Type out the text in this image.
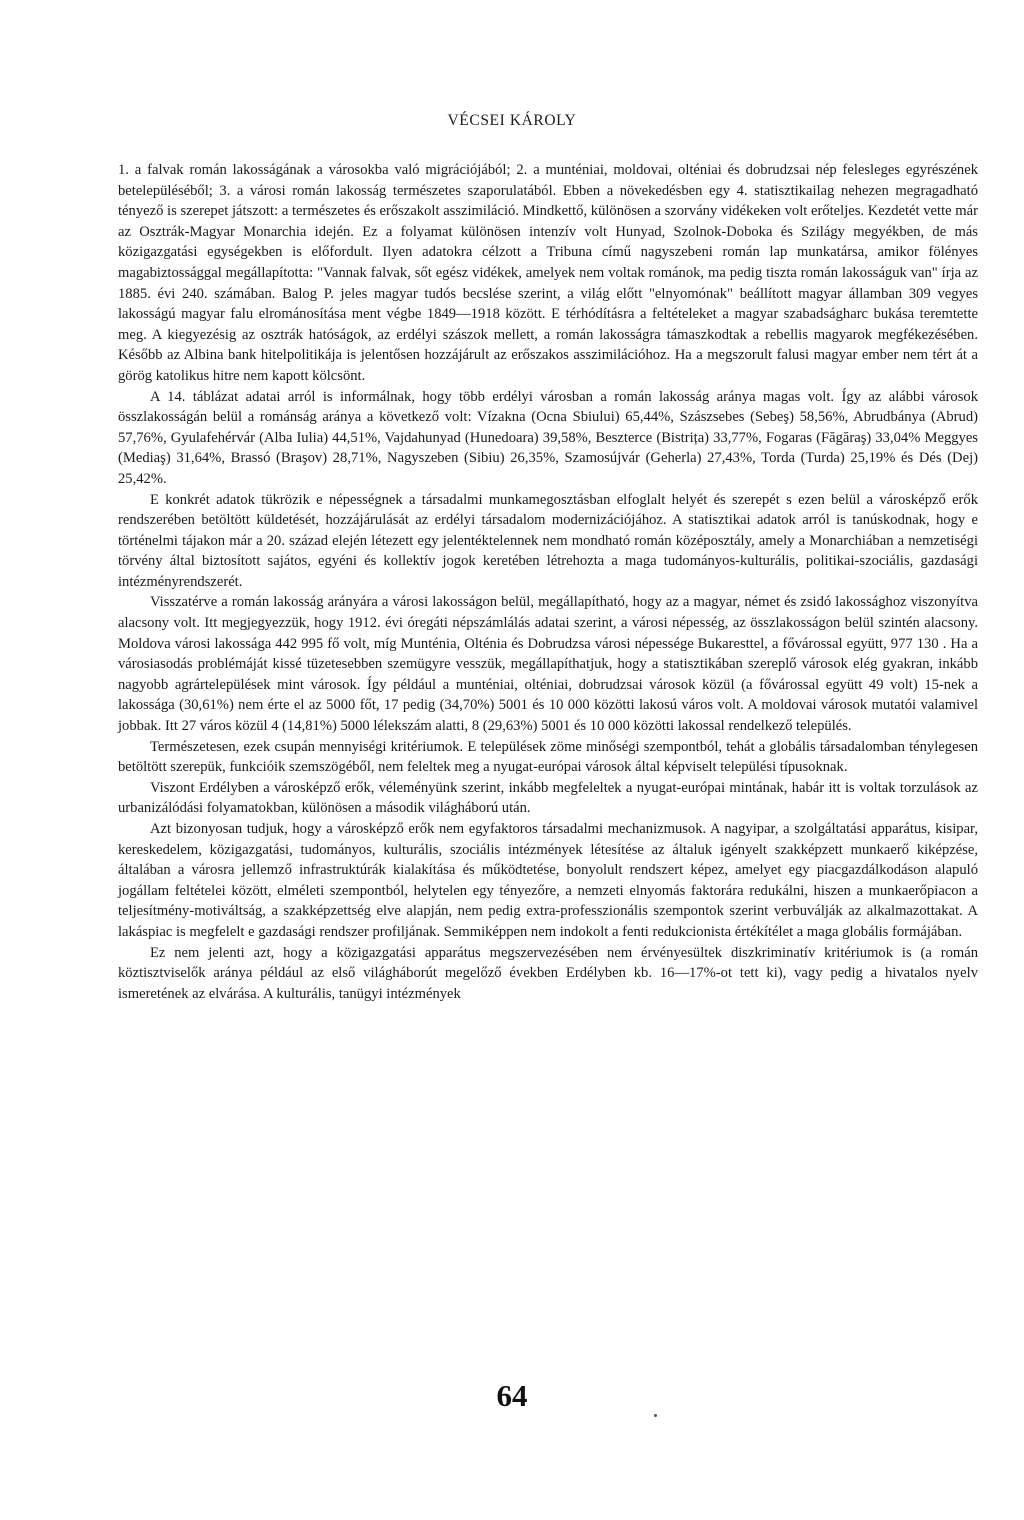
VÉCSEI KÁROLY

1. a falvak román lakosságának a városokba való migrációjából; 2. a munténiai, moldovai, olténiai és dobrudzsai nép felesleges egyrészének betelepüléséből; 3. a városi román lakosság természetes szaporulatából. Ebben a növekedésben egy 4. statisztikailag nehezen megragadható tényező is szerepet játszott: a természetes és erőszakolt asszimiláció. Mindkettő, különösen a szorvány vidékeken volt erőteljes. Kezdetét vette már az Osztrák-Magyar Monarchia idején. Ez a folyamat különösen intenzív volt Hunyad, Szolnok-Doboka és Szilágy megyékben, de más közigazgatási egységekben is előfordult. Ilyen adatokra célzott a Tribuna című nagyszebeni román lap munkatársa, amikor fölényes magabiztossággal megállapította: "Vannak falvak, sőt egész vidékek, amelyek nem voltak románok, ma pedig tiszta román lakosságuk van" írja az 1885. évi 240. számában. Balog P. jeles magyar tudós becslése szerint, a világ előtt "elnyomónak" beállított magyar államban 309 vegyes lakosságú magyar falu elrománosítása ment végbe 1849—1918 között. E térhódításra a feltételeket a magyar szabadságharc bukása teremtette meg. A kiegyezésig az osztrák hatóságok, az erdélyi szászok mellett, a román lakosságra támaszkodtak a rebellis magyarok megfékezésében. Később az Albina bank hitelpolitikája is jelentősen hozzájárult az erőszakos asszimilációhoz. Ha a megszorult falusi magyar ember nem tért át a görög katolikus hitre nem kapott kölcsönt.

A 14. táblázat adatai arról is informálnak, hogy több erdélyi városban a román lakosság aránya magas volt. Így az alábbi városok összlakosságán belül a románság aránya a következő volt: Vízakna (Ocna Sbiului) 65,44%, Szászsebes (Sebeş) 58,56%, Abrudbánya (Abrud) 57,76%, Gyulafehérvár (Alba Iulia) 44,51%, Vajdahunyad (Hunedoara) 39,58%, Beszterce (Bistrița) 33,77%, Fogaras (Făgăraş) 33,04% Meggyes (Mediaş) 31,64%, Brassó (Braşov) 28,71%, Nagyszeben (Sibiu) 26,35%, Szamosújvár (Geherla) 27,43%, Torda (Turda) 25,19% és Dés (Dej) 25,42%.

E konkrét adatok tükrözik e népességnek a társadalmi munkamegosztásban elfoglalt helyét és szerepét s ezen belül a városképző erők rendszerében betöltött küldetését, hozzájárulását az erdélyi társadalom modernizációjához. A statisztikai adatok arról is tanúskodnak, hogy e történelmi tájakon már a 20. század elején létezett egy jelentéktelennek nem mondható román középosztály, amely a Monarchiában a nemzetiségi törvény által biztosított sajátos, egyéni és kollektív jogok keretében létrehozta a maga tudományos-kulturális, politikai-szociális, gazdasági intézményrendszerét.

Visszatérve a román lakosság arányára a városi lakosságon belül, megállapítható, hogy az a magyar, német és zsidó lakossághoz viszonyítva alacsony volt. Itt megjegyezzük, hogy 1912. évi óregáti népszámlálás adatai szerint, a városi népesség, az összlakosságon belül szintén alacsony. Moldova városi lakossága 442 995 fő volt, míg Munténia, Olténia és Dobrudzsa városi népessége Bukaresttel, a fővárossal együtt, 977 130 . Ha a városiasodás problémáját kissé tüzetesebben szemügyre vesszük, megállapíthatjuk, hogy a statisztikában szereplő városok elég gyakran, inkább nagyobb agrártelepülések mint városok. Így például a munténiai, olténiai, dobrudzsai városok közül (a fővárossal együtt 49 volt) 15-nek a lakossága (30,61%) nem érte el az 5000 főt, 17 pedig (34,70%) 5001 és 10 000 közötti lakosú város volt. A moldovai városok mutatói valamivel jobbak. Itt 27 város közül 4 (14,81%) 5000 lélekszám alatti, 8 (29,63%) 5001 és 10 000 közötti lakossal rendelkező település.

Természetesen, ezek csupán mennyiségi kritériumok. E települések zöme minőségi szempontból, tehát a globális társadalomban ténylegesen betöltött szerepük, funkcióik szemszögéből, nem feleltek meg a nyugat-európai városok által képviselt települési típusoknak.

Viszont Erdélyben a városképző erők, véleményünk szerint, inkább megfeleltek a nyugat-európai mintának, habár itt is voltak torzulások az urbanizálódási folyamatokban, különösen a második világháború után.

Azt bizonyosan tudjuk, hogy a városképző erők nem egyfaktoros társadalmi mechanizmusok. A nagyipar, a szolgáltatási apparátus, kisipar, kereskedelem, közigazgatási, tudományos, kulturális, szociális intézmények létesítése az általuk igényelt szakképzett munkaerő kiképzése, általában a városra jellemző infrastruktúrák kialakítása és működtetése, bonyolult rendszert képez, amelyet egy piacgazdálkodáson alapuló jogállam feltételei között, elméleti szempontból, helytelen egy tényezőre, a nemzeti elnyomás faktorára redukálni, hiszen a munkaerőpiacon a teljesítmény-motiváltság, a szakképzettség elve alapján, nem pedig extra-professzionális szempontok szerint verbuválják az alkalmazottakat. A lakáspiac is megfelelt e gazdasági rendszer profiljának. Semmiképpen nem indokolt a fenti redukcionista értékítélet a maga globális formájában.

Ez nem jelenti azt, hogy a közigazgatási apparátus megszervezésében nem érvényesültek diszkriminatív kritériumok is (a román köztisztviselők aránya például az első világháborút megelőző években Erdélyben kb. 16—17%-ot tett ki), vagy pedig a hivatalos nyelv ismeretének az elvárása. A kulturális, tanügyi intézmények

64
